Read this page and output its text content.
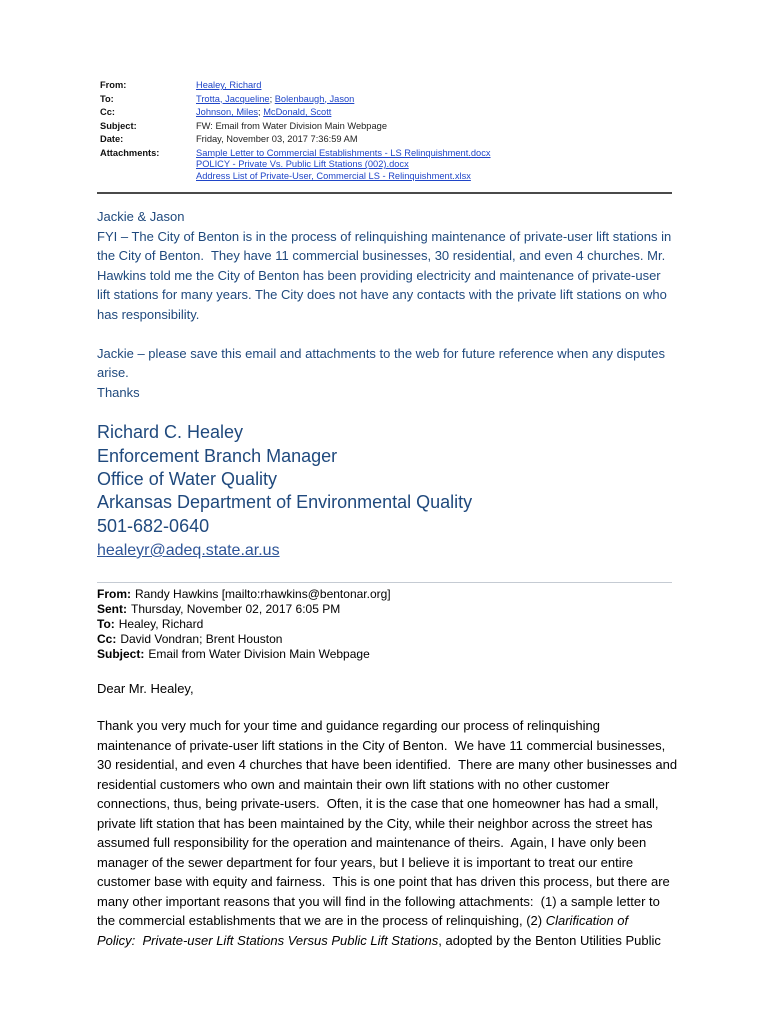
From:	Healey, Richard
To:	Trotta, Jacqueline; Bolenbaugh, Jason
Cc:	Johnson, Miles; McDonald, Scott
Subject:	FW: Email from Water Division Main Webpage
Date:	Friday, November 03, 2017 7:36:59 AM
Attachments:	Sample Letter to Commercial Establishments - LS Relinquishment.docx
POLICY - Private Vs. Public Lift Stations (002).docx
Address List of Private-User, Commercial LS - Relinquishment.xlsx
Jackie & Jason
FYI – The City of Benton is in the process of relinquishing maintenance of private-user lift stations in
the City of Benton.  They have 11 commercial businesses, 30 residential, and even 4 churches. Mr.
Hawkins told me the City of Benton has been providing electricity and maintenance of private-user
lift stations for many years. The City does not have any contacts with the private lift stations on who
has responsibility.
Jackie – please save this email and attachments to the web for future reference when any disputes
arise.
Thanks
Richard C. Healey
Enforcement Branch Manager
Office of Water Quality
Arkansas Department of Environmental Quality
501-682-0640
healeyr@adeq.state.ar.us
From: Randy Hawkins [mailto:rhawkins@bentonar.org]
Sent: Thursday, November 02, 2017 6:05 PM
To: Healey, Richard
Cc: David Vondran; Brent Houston
Subject: Email from Water Division Main Webpage
Dear Mr. Healey,
Thank you very much for your time and guidance regarding our process of relinquishing
maintenance of private-user lift stations in the City of Benton.  We have 11 commercial businesses,
30 residential, and even 4 churches that have been identified.  There are many other businesses and
residential customers who own and maintain their own lift stations with no other customer
connections, thus, being private-users.  Often, it is the case that one homeowner has had a small,
private lift station that has been maintained by the City, while their neighbor across the street has
assumed full responsibility for the operation and maintenance of theirs.  Again, I have only been
manager of the sewer department for four years, but I believe it is important to treat our entire
customer base with equity and fairness.  This is one point that has driven this process, but there are
many other important reasons that you will find in the following attachments:  (1) a sample letter to
the commercial establishments that we are in the process of relinquishing, (2) Clarification of
Policy:  Private-user Lift Stations Versus Public Lift Stations, adopted by the Benton Utilities Public
